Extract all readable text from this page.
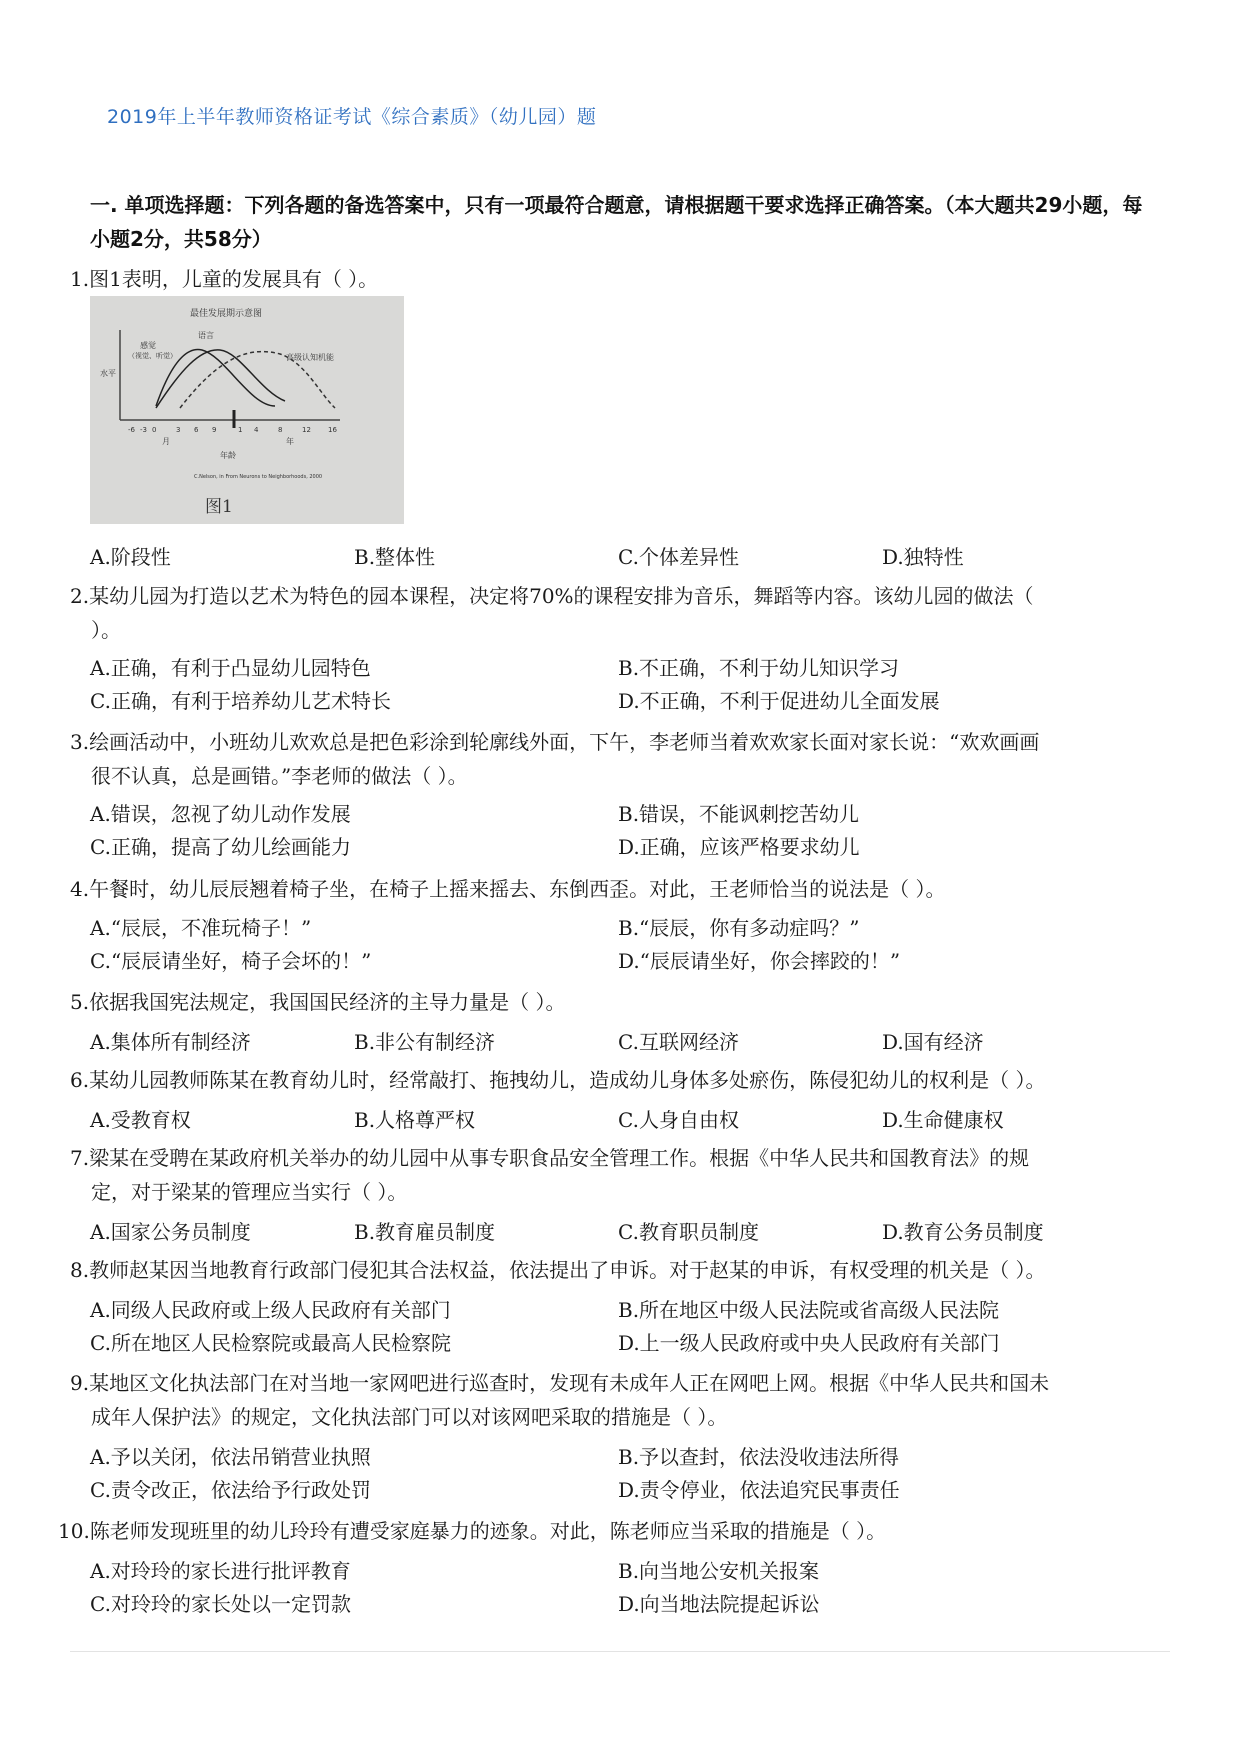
2019年上半年教师资格证考试《综合素质》（幼儿园）题
一. 单项选择题：下列各题的备选答案中，只有一项最符合题意，请根据题干要求选择正确答案。（本大题共29小题，每小题2分，共58分）
1.图1表明，儿童的发展具有（ ）。
最佳发展期示意图
水平
感觉
（视觉、听觉）
语言
高级认知机能
-6 -3 0	3 6 9	1 4	8	12 16
月	年
年龄
C.Nelson, in From Neurons to Neighborhoods, 2000
图1
A.阶段性	B.整体性	C.个体差异性	D.独特性
2.某幼儿园为打造以艺术为特色的园本课程，决定将70%的课程安排为音乐，舞蹈等内容。该幼儿园的做法（
）。
A.正确，有利于凸显幼儿园特色	B.不正确，不利于幼儿知识学习
C.正确，有利于培养幼儿艺术特长	D.不正确，不利于促进幼儿全面发展
3.绘画活动中，小班幼儿欢欢总是把色彩涂到轮廓线外面，下午，李老师当着欢欢家长面对家长说：“欢欢画画
很不认真，总是画错。”李老师的做法（ ）。
A.错误，忽视了幼儿动作发展	B.错误，不能讽刺挖苦幼儿
C.正确，提高了幼儿绘画能力	D.正确，应该严格要求幼儿
4.午餐时，幼儿辰辰翘着椅子坐，在椅子上摇来摇去、东倒西歪。对此，王老师恰当的说法是（ ）。
A.“辰辰，不准玩椅子！”	B.“辰辰，你有多动症吗？”
C.“辰辰请坐好，椅子会坏的！”	D.“辰辰请坐好，你会摔跤的！”
5.依据我国宪法规定，我国国民经济的主导力量是（ ）。
A.集体所有制经济	B.非公有制经济	C.互联网经济	D.国有经济
6.某幼儿园教师陈某在教育幼儿时，经常敲打、拖拽幼儿，造成幼儿身体多处瘀伤，陈侵犯幼儿的权利是（ ）。
A.受教育权	B.人格尊严权	C.人身自由权	D.生命健康权
7.梁某在受聘在某政府机关举办的幼儿园中从事专职食品安全管理工作。根据《中华人民共和国教育法》的规
定，对于梁某的管理应当实行（ ）。
A.国家公务员制度	B.教育雇员制度	C.教育职员制度	D.教育公务员制度
8.教师赵某因当地教育行政部门侵犯其合法权益，依法提出了申诉。对于赵某的申诉，有权受理的机关是（ ）。
A.同级人民政府或上级人民政府有关部门	B.所在地区中级人民法院或省高级人民法院
C.所在地区人民检察院或最高人民检察院	D.上一级人民政府或中央人民政府有关部门
9.某地区文化执法部门在对当地一家网吧进行巡查时，发现有未成年人正在网吧上网。根据《中华人民共和国未
成年人保护法》的规定，文化执法部门可以对该网吧采取的措施是（ ）。
A.予以关闭，依法吊销营业执照	B.予以查封，依法没收违法所得
C.责令改正，依法给予行政处罚	D.责令停业，依法追究民事责任
10.陈老师发现班里的幼儿玲玲有遭受家庭暴力的迹象。对此，陈老师应当采取的措施是（ ）。
A.对玲玲的家长进行批评教育	B.向当地公安机关报案
C.对玲玲的家长处以一定罚款	D.向当地法院提起诉讼
